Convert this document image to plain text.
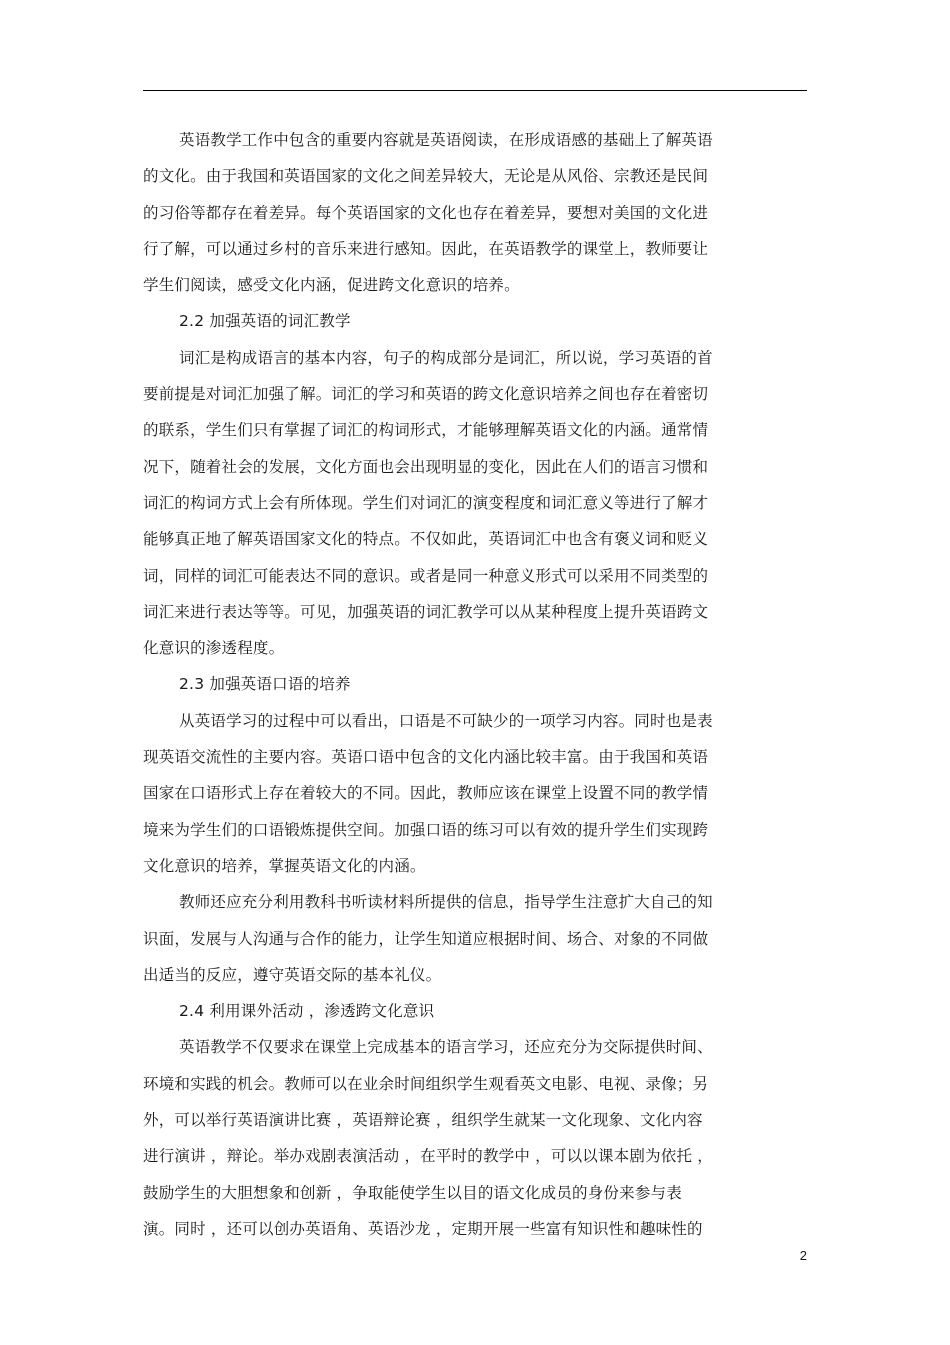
英语教学工作中包含的重要内容就是英语阅读，在形成语感的基础上了解英语
的文化。由于我国和英语国家的文化之间差异较大，无论是从风俗、宗教还是民间
的习俗等都存在着差异。每个英语国家的文化也存在着差异，要想对美国的文化进
行了解，可以通过乡村的音乐来进行感知。因此，在英语教学的课堂上，教师要让
学生们阅读，感受文化内涵，促进跨文化意识的培养。
2.2 加强英语的词汇教学
词汇是构成语言的基本内容，句子的构成部分是词汇，所以说，学习英语的首
要前提是对词汇加强了解。词汇的学习和英语的跨文化意识培养之间也存在着密切
的联系，学生们只有掌握了词汇的构词形式，才能够理解英语文化的内涵。通常情
况下，随着社会的发展，文化方面也会出现明显的变化，因此在人们的语言习惯和
词汇的构词方式上会有所体现。学生们对词汇的演变程度和词汇意义等进行了解才
能够真正地了解英语国家文化的特点。不仅如此，英语词汇中也含有褒义词和贬义
词，同样的词汇可能表达不同的意识。或者是同一种意义形式可以采用不同类型的
词汇来进行表达等等。可见，加强英语的词汇教学可以从某种程度上提升英语跨文
化意识的渗透程度。
2.3 加强英语口语的培养
从英语学习的过程中可以看出，口语是不可缺少的一项学习内容。同时也是表
现英语交流性的主要内容。英语口语中包含的文化内涵比较丰富。由于我国和英语
国家在口语形式上存在着较大的不同。因此，教师应该在课堂上设置不同的教学情
境来为学生们的口语锻炼提供空间。加强口语的练习可以有效的提升学生们实现跨
文化意识的培养，掌握英语文化的内涵。
教师还应充分利用教科书听读材料所提供的信息，指导学生注意扩大自己的知
识面，发展与人沟通与合作的能力，让学生知道应根据时间、场合、对象的不同做
出适当的反应，遵守英语交际的基本礼仪。
2.4 利用课外活动 ，渗透跨文化意识
英语教学不仅要求在课堂上完成基本的语言学习，还应充分为交际提供时间、
环境和实践的机会。教师可以在业余时间组织学生观看英文电影、电视、录像；另
外，可以举行英语演讲比赛 ，英语辩论赛 ，组织学生就某一文化现象、文化内容
进行演讲 ，辩论。举办戏剧表演活动 ，在平时的教学中 ，可以以课本剧为依托 ，
鼓励学生的大胆想象和创新 ，争取能使学生以目的语文化成员的身份来参与表
演。同时 ，还可以创办英语角、英语沙龙 ，定期开展一些富有知识性和趣味性的
2
